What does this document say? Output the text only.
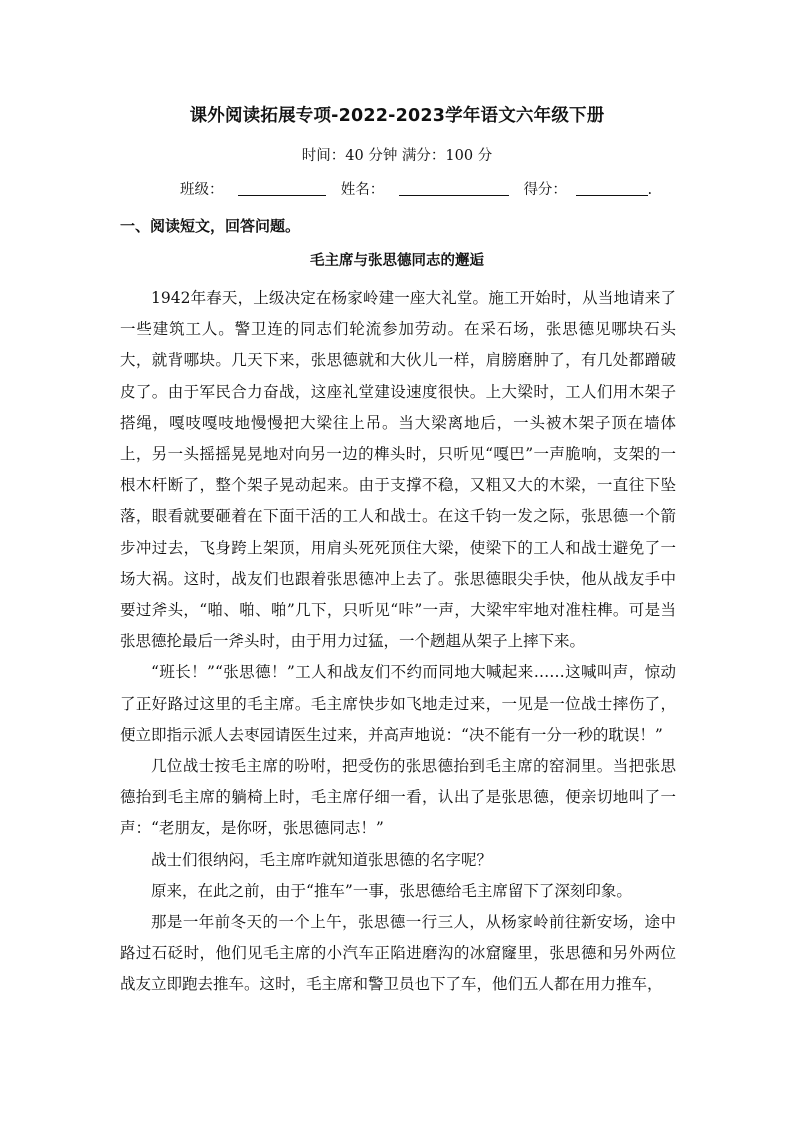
课外阅读拓展专项-2022-2023学年语文六年级下册
时间：40 分钟 满分：100 分
班级：	姓名：	得分：	.
一、阅读短文，回答问题。
毛主席与张思德同志的邂逅

1942年春天，上级决定在杨家岭建一座大礼堂。施工开始时，从当地请来了一些建筑工人。警卫连的同志们轮流参加劳动。在采石场，张思德见哪块石头大，就背哪块。几天下来，张思德就和大伙儿一样，肩膀磨肿了，有几处都蹭破皮了。由于军民合力奋战，这座礼堂建设速度很快。上大梁时，工人们用木架子搭绳，嘎吱嘎吱地慢慢把大梁往上吊。当大梁离地后，一头被木架子顶在墙体上，另一头摇摇晃晃地对向另一边的榫头时，只听见“嘎巴”一声脆响，支架的一根木杆断了，整个架子晃动起来。由于支撑不稳，又粗又大的木梁，一直往下坠落，眼看就要砸着在下面干活的工人和战士。在这千钧一发之际，张思德一个箭步冲过去，飞身跨上架顶，用肩头死死顶住大梁，使梁下的工人和战士避免了一场大祸。这时，战友们也跟着张思德冲上去了。张思德眼尖手快，他从战友手中要过斧头，“啪、啪、啪”几下，只听见“咔”一声，大梁牢牢地对准柱榫。可是当张思德抡最后一斧头时，由于用力过猛，一个趔趄从架子上摔下来。

“班长！”“张思德！”工人和战友们不约而同地大喊起来……这喊叫声，惊动了正好路过这里的毛主席。毛主席快步如飞地走过来，一见是一位战士摔伤了，便立即指示派人去枣园请医生过来，并高声地说：“决不能有一分一秒的耽误！”

几位战士按毛主席的吩咐，把受伤的张思德抬到毛主席的窑洞里。当把张思德抬到毛主席的躺椅上时，毛主席仔细一看，认出了是张思德，便亲切地叫了一声：“老朋友，是你呀，张思德同志！”

战士们很纳闷，毛主席咋就知道张思德的名字呢？

原来，在此之前，由于“推车”一事，张思德给毛主席留下了深刻印象。

那是一年前冬天的一个上午，张思德一行三人，从杨家岭前往新安场，途中路过石砭时，他们见毛主席的小汽车正陷进磨沟的冰窟窿里，张思德和另外两位战友立即跑去推车。这时，毛主席和警卫员也下了车，他们五人都在用力推车，
